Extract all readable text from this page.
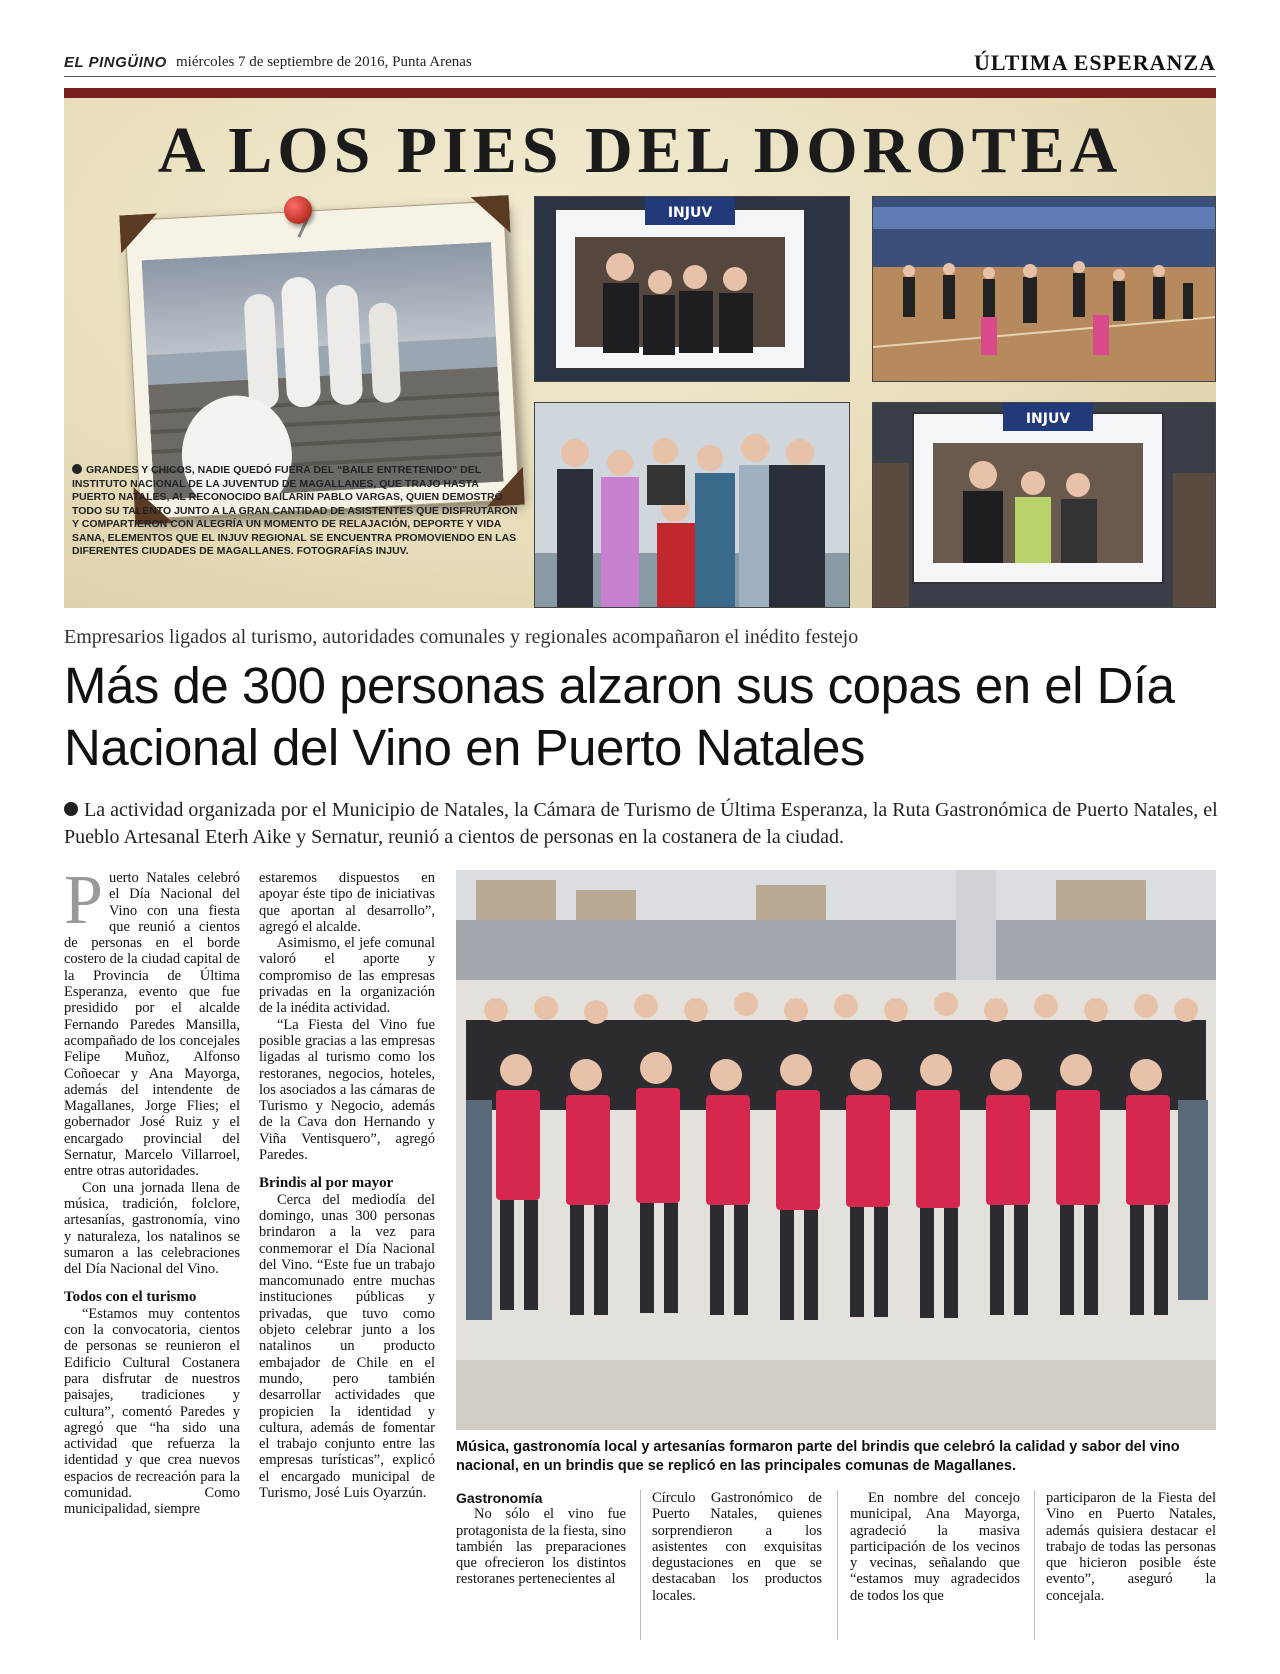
EL PINGÜINO miércoles 7 de septiembre de 2016, Punta Arenas	ÚLTIMA ESPERANZA
A LOS PIES DEL DOROTEA
GRANDES Y CHICOS, NADIE QUEDÓ FUERA DEL “BAILE ENTRETENIDO” DEL INSTITUTO NACIONAL DE LA JUVENTUD DE MAGALLANES, QUE TRAJO HASTA PUERTO NATALES, AL RECONOCIDO BAILARÍN PABLO VARGAS, QUIEN DEMOSTRÓ TODO SU TALENTO JUNTO A LA GRAN CANTIDAD DE ASISTENTES QUE DISFRUTARON Y COMPARTIERON CON ALEGRÍA UN MOMENTO DE RELAJACIÓN, DEPORTE Y VIDA SANA, ELEMENTOS QUE EL INJUV REGIONAL SE ENCUENTRA PROMOVIENDO EN LAS DIFERENTES CIUDADES DE MAGALLANES. FOTOGRAFÍAS INJUV.
INJUV
INJUV
Empresarios ligados al turismo, autoridades comunales y regionales acompañaron el inédito festejo
Más de 300 personas alzaron sus copas en el Día Nacional del Vino en Puerto Natales
La actividad organizada por el Municipio de Natales, la Cámara de Turismo de Última Esperanza, la Ruta Gastronómica de Puerto Natales, el Pueblo Artesanal Eterh Aike y Sernatur, reunió a cientos de personas en la costanera de la ciudad.

Puerto Natales celebró el Día Nacional del Vino con una fiesta que reunió a cientos de personas en el borde costero de la ciudad capital de la Provincia de Última Esperanza, evento que fue presidido por el alcalde Fernando Paredes Mansilla, acompañado de los concejales Felipe Muñoz, Alfonso Coñoecar y Ana Mayorga, además del intendente de Magallanes, Jorge Flies; el gobernador José Ruiz y el encargado provincial del Sernatur, Marcelo Villarroel, entre otras autoridades.

Con una jornada llena de música, tradición, folclore, artesanías, gastronomía, vino y naturaleza, los natalinos se sumaron a las celebraciones del Día Nacional del Vino.

Todos con el turismo

“Estamos muy contentos con la convocatoria, cientos de personas se reunieron el Edificio Cultural Costanera para disfrutar de nuestros paisajes, tradiciones y cultura”, comentó Paredes y agregó que “ha sido una actividad que refuerza la identidad y que crea nuevos espacios de recreación para la comunidad. Como municipalidad, siempre

estaremos dispuestos en apoyar éste tipo de iniciativas que aportan al desarrollo”, agregó el alcalde.

Asimismo, el jefe comunal valoró el aporte y compromiso de las empresas privadas en la organización de la inédita actividad.

“La Fiesta del Vino fue posible gracias a las empresas ligadas al turismo como los restoranes, negocios, hoteles, los asociados a las cámaras de Turismo y Negocio, además de la Cava don Hernando y Viña Ventisquero”, agregó Paredes.

Brindis al por mayor

Cerca del mediodía del domingo, unas 300 personas brindaron a la vez para conmemorar el Día Nacional del Vino. “Este fue un trabajo mancomunado entre muchas instituciones públicas y privadas, que tuvo como objeto celebrar junto a los natalinos un producto embajador de Chile en el mundo, pero también desarrollar actividades que propicien la identidad y cultura, además de fomentar el trabajo conjunto entre las empresas turísticas”, explicó el encargado municipal de Turismo, José Luis Oyarzún.

Música, gastronomía local y artesanías formaron parte del brindis que celebró la calidad y sabor del vino nacional, en un brindis que se replicó en las principales comunas de Magallanes.
Gastronomía

No sólo el vino fue protagonista de la fiesta, sino también las preparaciones que ofrecieron los distintos restoranes pertenecientes al

Círculo Gastronómico de Puerto Natales, quienes sorprendieron a los asistentes con exquisitas degustaciones en que se destacaban los productos locales.

En nombre del concejo municipal, Ana Mayorga, agradeció la masiva participación de los vecinos y vecinas, señalando que “estamos muy agradecidos de todos los que

participaron de la Fiesta del Vino en Puerto Natales, además quisiera destacar el trabajo de todas las personas que hicieron posible éste evento”, aseguró la concejala.
